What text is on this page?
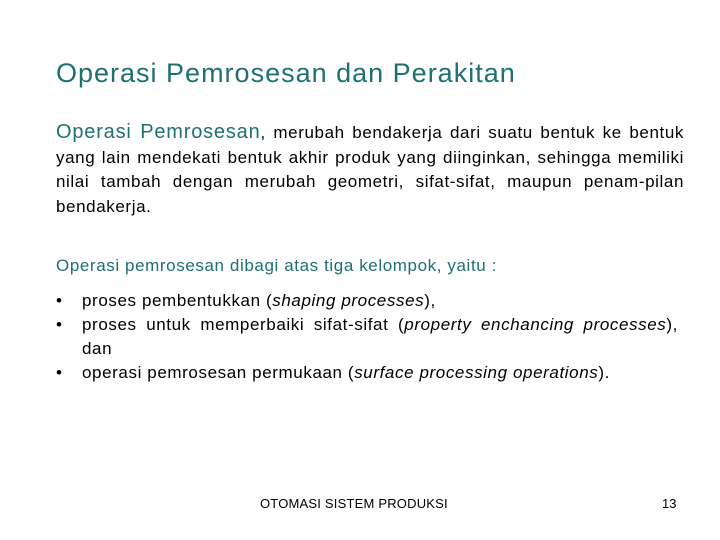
Operasi Pemrosesan dan Perakitan
Operasi Pemrosesan, merubah bendakerja dari suatu bentuk ke bentuk yang lain mendekati bentuk akhir produk yang diinginkan, sehingga memiliki nilai tambah dengan merubah geometri, sifat-sifat, maupun penam-pilan bendakerja.
Operasi pemrosesan dibagi atas tiga kelompok, yaitu :
• proses pembentukkan (shaping processes),
• proses untuk memperbaiki sifat-sifat (property enchancing processes), dan
• operasi pemrosesan permukaan (surface processing operations).
OTOMASI SISTEM PRODUKSI	13
